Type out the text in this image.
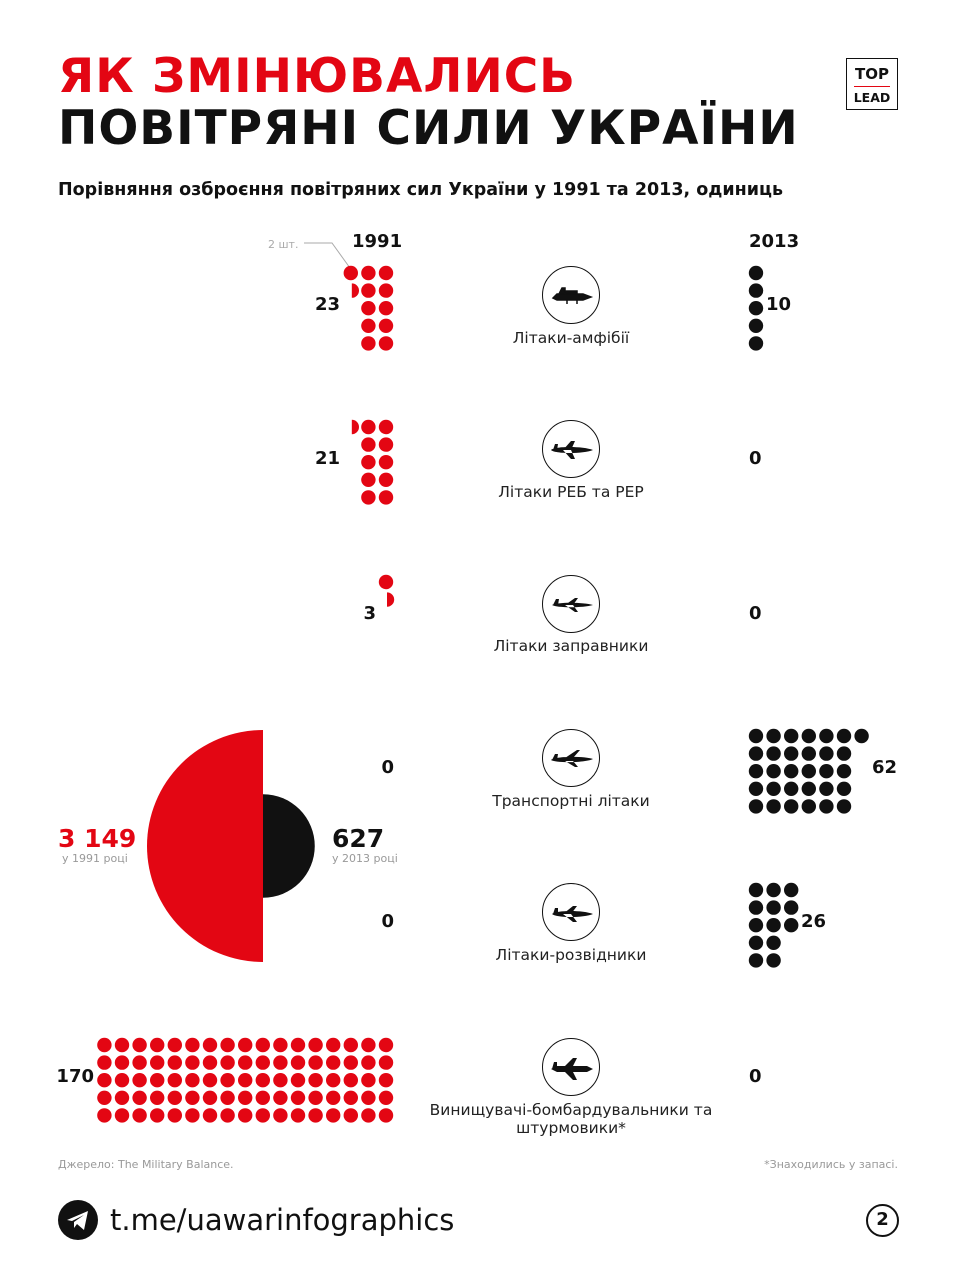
ЯК ЗМІНЮВАЛИСЬ
ПОВІТРЯНІ СИЛИ УКРАЇНИ
Порівняння озброєння повітряних сил України у 1991 та 2013, одиниць
TOP
LEAD
1991	2013
2 шт.
23	10
Літаки-амфібії
21	0
Літаки РЕБ та РЕР
3	0
Літаки заправники
0	62
Транспортні літаки
0	26
Літаки-розвідники
170	0
Винищувачі-бомбардувальники та штурмовики*
3 149
у 1991 році
627
у 2013 році
Джерело: The Military Balance.	*Знаходились у запасі.
t.me/uawarinfographics	2
